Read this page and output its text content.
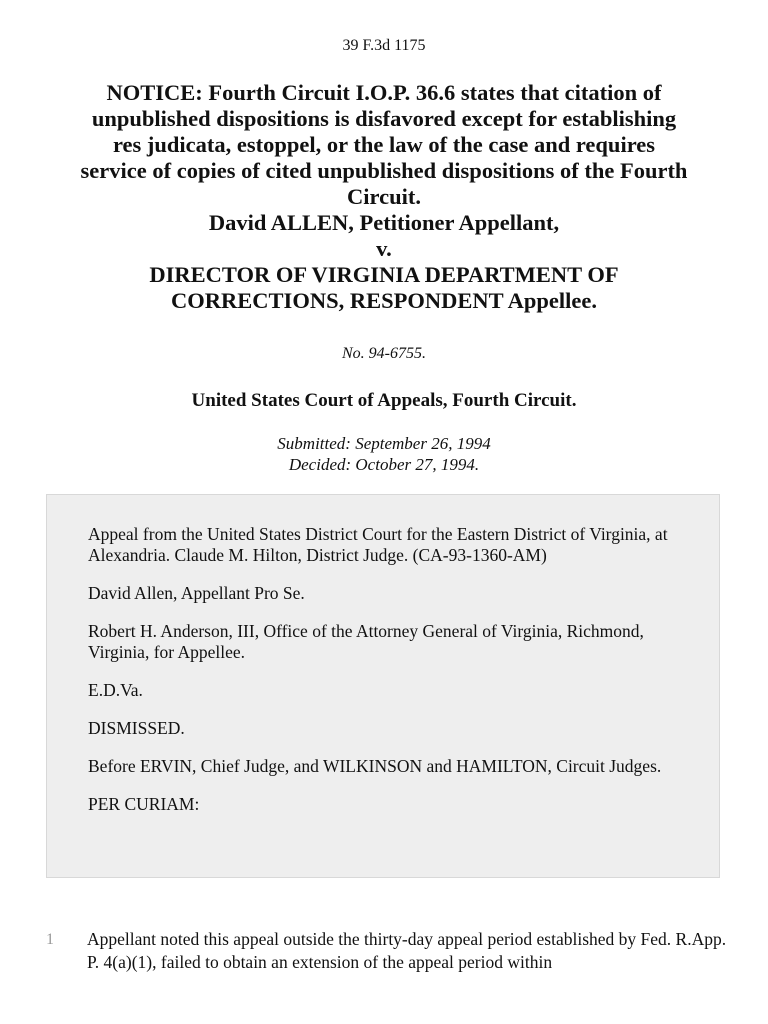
39 F.3d 1175
NOTICE: Fourth Circuit I.O.P. 36.6 states that citation of
unpublished dispositions is disfavored except for establishing
res judicata, estoppel, or the law of the case and requires
service of copies of cited unpublished dispositions of the Fourth
Circuit.
David ALLEN, Petitioner Appellant,
v.
DIRECTOR OF VIRGINIA DEPARTMENT OF
CORRECTIONS, RESPONDENT Appellee.
No. 94-6755.
United States Court of Appeals, Fourth Circuit.
Submitted: September 26, 1994
Decided: October 27, 1994.

Appeal from the United States District Court for the Eastern District of Virginia, at Alexandria. Claude M. Hilton, District Judge. (CA-93-1360-AM)

David Allen, Appellant Pro Se.

Robert H. Anderson, III, Office of the Attorney General of Virginia, Richmond, Virginia, for Appellee.

E.D.Va.

DISMISSED.

Before ERVIN, Chief Judge, and WILKINSON and HAMILTON, Circuit Judges.

PER CURIAM:

1	Appellant noted this appeal outside the thirty-day appeal period established by Fed. R.App. P. 4(a)(1), failed to obtain an extension of the appeal period within
